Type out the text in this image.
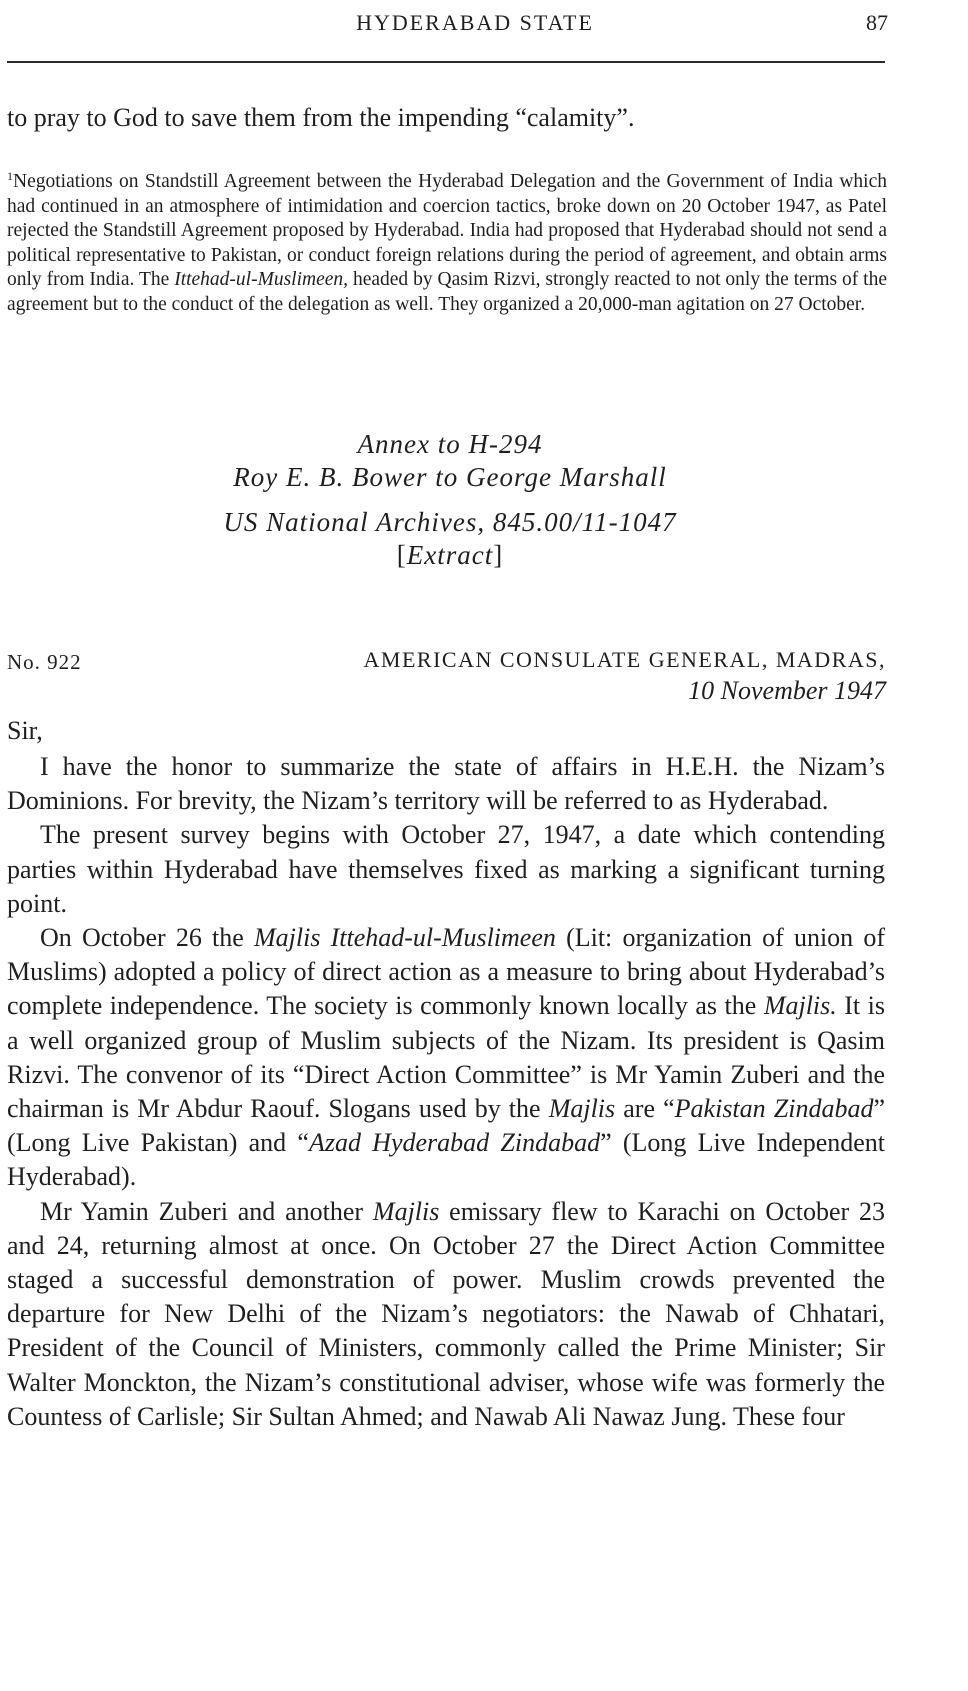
HYDERABAD STATE	87
to pray to God to save them from the impending “calamity”.
$^1$Negotiations on Standstill Agreement between the Hyderabad Delegation and the Government of India which had continued in an atmosphere of intimidation and coercion tactics, broke down on 20 October 1947, as Patel rejected the Standstill Agreement proposed by Hyderabad. India had proposed that Hyderabad should not send a political representative to Pakistan, or conduct foreign relations during the period of agreement, and obtain arms only from India. The Ittehad-ul-Muslimeen, headed by Qasim Rizvi, strongly reacted to not only the terms of the agreement but to the conduct of the delegation as well. They organized a 20,000-man agitation on 27 October.
Annex to H-294
Roy E. B. Bower to George Marshall
US National Archives, 845.00/11-1047
[Extract]
No. 922	AMERICAN CONSULATE GENERAL, MADRAS,
10 November 1947
Sir,

I have the honor to summarize the state of affairs in H.E.H. the Nizam’s Dominions. For brevity, the Nizam’s territory will be referred to as Hyderabad.

The present survey begins with October 27, 1947, a date which contending parties within Hyderabad have themselves fixed as marking a significant turning point.

On October 26 the Majlis Ittehad-ul-Muslimeen (Lit: organization of union of Muslims) adopted a policy of direct action as a measure to bring about Hyderabad’s complete independence. The society is commonly known locally as the Majlis. It is a well organized group of Muslim subjects of the Nizam. Its president is Qasim Rizvi. The convenor of its “Direct Action Committee” is Mr Yamin Zuberi and the chairman is Mr Abdur Raouf. Slogans used by the Majlis are “Pakistan Zindabad” (Long Live Pakistan) and “Azad Hyderabad Zindabad” (Long Live Independent Hyderabad).

Mr Yamin Zuberi and another Majlis emissary flew to Karachi on October 23 and 24, returning almost at once. On October 27 the Direct Action Committee staged a successful demonstration of power. Muslim crowds prevented the departure for New Delhi of the Nizam’s negotiators: the Nawab of Chhatari, President of the Council of Ministers, commonly called the Prime Minister; Sir Walter Monckton, the Nizam’s constitutional adviser, whose wife was formerly the Countess of Carlisle; Sir Sultan Ahmed; and Nawab Ali Nawaz Jung. These four
